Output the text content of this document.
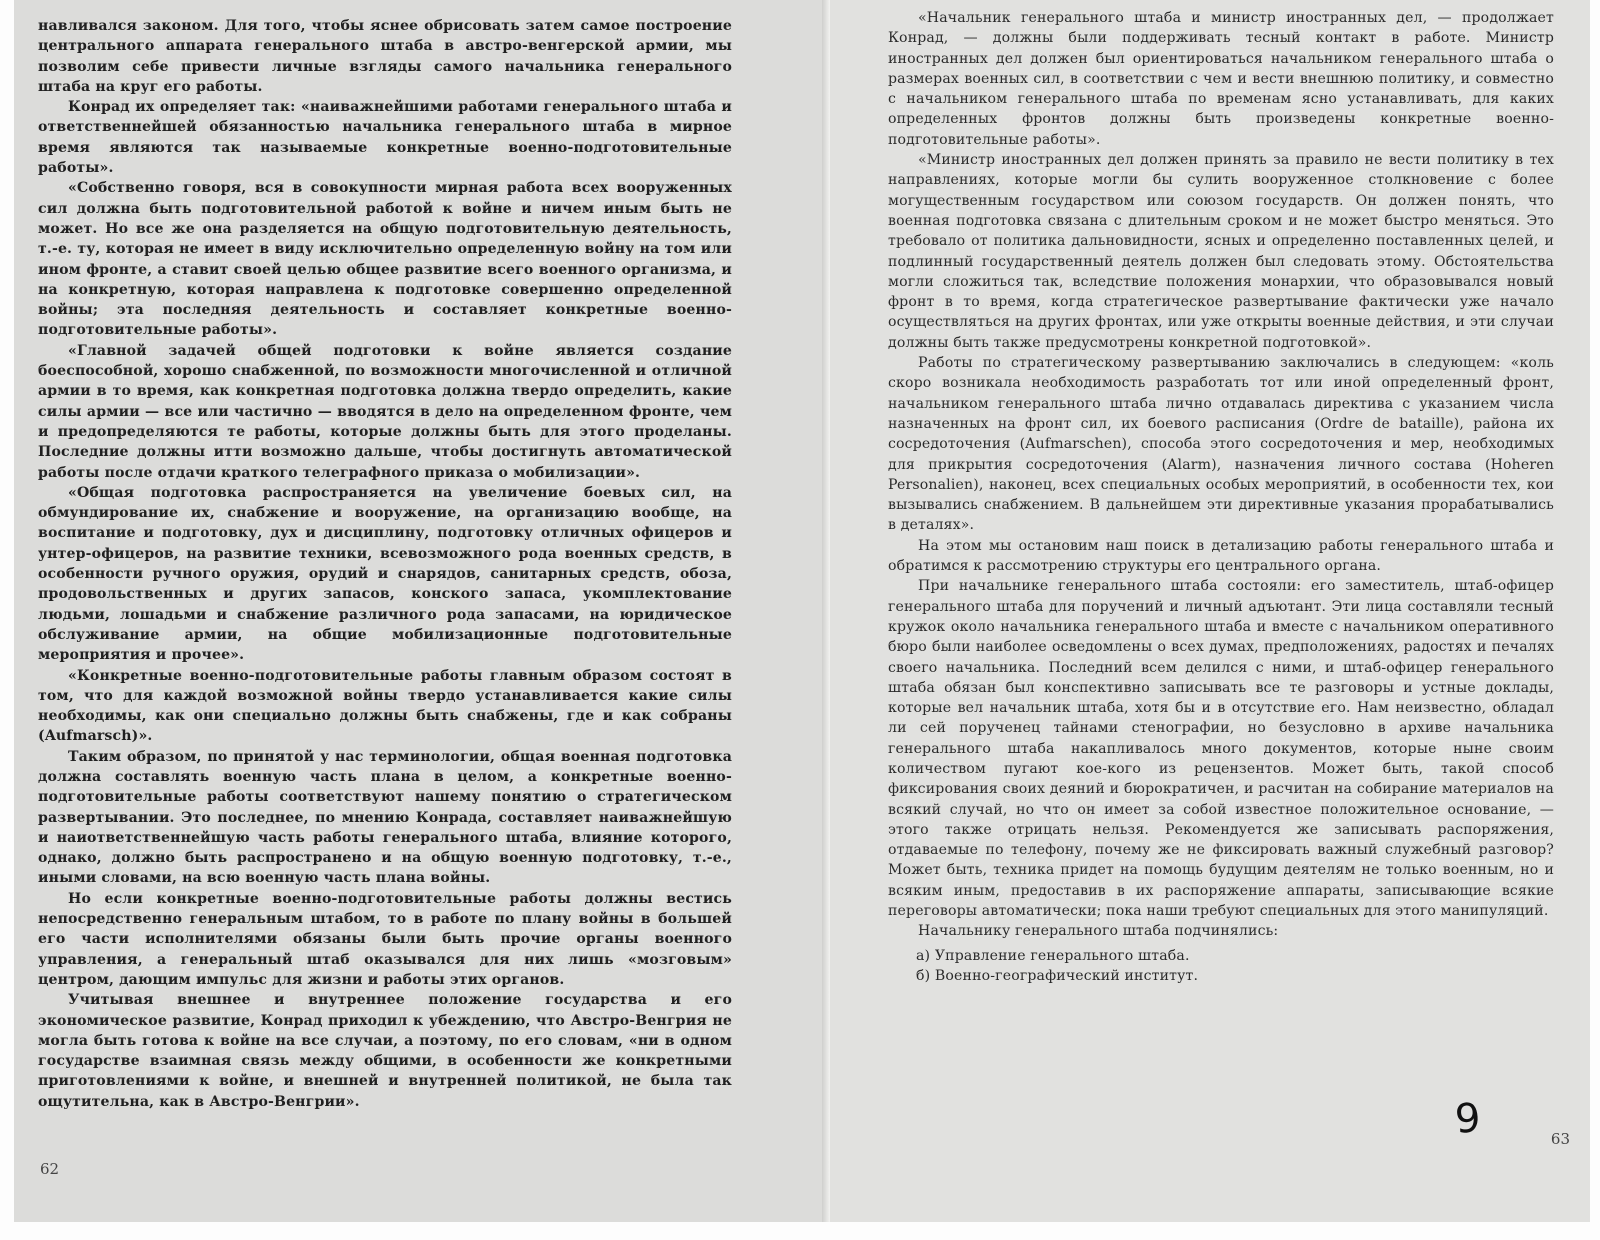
навливался законом. Для того, чтобы яснее обрисовать затем самое построение центрального аппарата генерального штаба в австро-венгерской армии, мы позволим себе привести личные взгляды самого начальника генерального штаба на круг его работы.

Конрад их определяет так: «наиважнейшими работами генерального штаба и ответственнейшей обязанностью начальника генерального штаба в мирное время являются так называемые конкретные военно-подготовительные работы».

«Собственно говоря, вся в совокупности мирная работа всех вооруженных сил должна быть подготовительной работой к войне и ничем иным быть не может. Но все же она разделяется на общую подготовительную деятельность, т.-е. ту, которая не имеет в виду исключительно определенную войну на том или ином фронте, а ставит своей целью общее развитие всего военного организма, и на конкретную, которая направлена к подготовке совершенно определенной войны; эта последняя деятельность и составляет конкретные военно-подготовительные работы».

«Главной задачей общей подготовки к войне является создание боеспособной, хорошо снабженной, по возможности многочисленной и отличной армии в то время, как конкретная подготовка должна твердо определить, какие силы армии — все или частично — вводятся в дело на определенном фронте, чем и предопределяются те работы, которые должны быть для этого проделаны. Последние должны итти возможно дальше, чтобы достигнуть автоматической работы после отдачи краткого телеграфного приказа о мобилизации».

«Общая подготовка распространяется на увеличение боевых сил, на обмундирование их, снабжение и вооружение, на организацию вообще, на воспитание и подготовку, дух и дисциплину, подготовку отличных офицеров и унтер-офицеров, на развитие техники, всевозможного рода военных средств, в особенности ручного оружия, орудий и снарядов, санитарных средств, обоза, продовольственных и других запасов, конского запаса, укомплектование людьми, лошадьми и снабжение различного рода запасами, на юридическое обслуживание армии, на общие мобилизационные подготовительные мероприятия и прочее».

«Конкретные военно-подготовительные работы главным образом состоят в том, что для каждой возможной войны твердо устанавливается какие силы необходимы, как они специально должны быть снабжены, где и как собраны (Aufmarsch)».

Таким образом, по принятой у нас терминологии, общая военная подготовка должна составлять военную часть плана в целом, а конкретные военно-подготовительные работы соответствуют нашему понятию о стратегическом развертывании. Это последнее, по мнению Конрада, составляет наиважнейшую и наиответственнейшую часть работы генерального штаба, влияние которого, однако, должно быть распространено и на общую военную подготовку, т.-е., иными словами, на всю военную часть плана войны.

Но если конкретные военно-подготовительные работы должны вестись непосредственно генеральным штабом, то в работе по плану войны в большей его части исполнителями обязаны были быть прочие органы военного управления, а генеральный штаб оказывался для них лишь «мозговым» центром, дающим импульс для жизни и работы этих органов.

Учитывая внешнее и внутреннее положение государства и его экономическое развитие, Конрад приходил к убеждению, что Австро-Венгрия не могла быть готова к войне на все случаи, а поэтому, по его словам, «ни в одном государстве взаимная связь между общими, в особенности же конкретными приготовлениями к войне, и внешней и внутренней политикой, не была так ощутительна, как в Австро-Венгрии».

62

«Начальник генерального штаба и министр иностранных дел, — продолжает Конрад, — должны были поддерживать тесный контакт в работе. Министр иностранных дел должен был ориентироваться начальником генерального штаба о размерах военных сил, в соответствии с чем и вести внешнюю политику, и совместно с начальником генерального штаба по временам ясно устанавливать, для каких определенных фронтов должны быть произведены конкретные военно-подготовительные работы».

«Министр иностранных дел должен принять за правило не вести политику в тех направлениях, которые могли бы сулить вооруженное столкновение с более могущественным государством или союзом государств. Он должен понять, что военная подготовка связана с длительным сроком и не может быстро меняться. Это требовало от политика дальновидности, ясных и определенно поставленных целей, и подлинный государственный деятель должен был следовать этому. Обстоятельства могли сложиться так, вследствие положения монархии, что образовывался новый фронт в то время, когда стратегическое развертывание фактически уже начало осуществляться на других фронтах, или уже открыты военные действия, и эти случаи должны быть также предусмотрены конкретной подготовкой».

Работы по стратегическому развертыванию заключались в следующем: «коль скоро возникала необходимость разработать тот или иной определенный фронт, начальником генерального штаба лично отдавалась директива с указанием числа назначенных на фронт сил, их боевого расписания (Ordre de bataille), района их сосредоточения (Aufmarschen), способа этого сосредоточения и мер, необходимых для прикрытия сосредоточения (Alarm), назначения личного состава (Hoheren Personalien), наконец, всех специальных особых мероприятий, в особенности тех, кои вызывались снабжением. В дальнейшем эти директивные указания прорабатывались в деталях».

На этом мы остановим наш поиск в детализацию работы генерального штаба и обратимся к рассмотрению структуры его центрального органа.

При начальнике генерального штаба состояли: его заместитель, штаб-офицер генерального штаба для поручений и личный адъютант. Эти лица составляли тесный кружок около начальника генерального штаба и вместе с начальником оперативного бюро были наиболее осведомлены о всех думах, предположениях, радостях и печалях своего начальника. Последний всем делился с ними, и штаб-офицер генерального штаба обязан был конспективно записывать все те разговоры и устные доклады, которые вел начальник штаба, хотя бы и в отсутствие его. Нам неизвестно, обладал ли сей порученец тайнами стенографии, но безусловно в архиве начальника генерального штаба накапливалось много документов, которые ныне своим количеством пугают кое-кого из рецензентов. Может быть, такой способ фиксирования своих деяний и бюрократичен, и расчитан на собирание материалов на всякий случай, но что он имеет за собой известное положительное основание, — этого также отрицать нельзя. Рекомендуется же записывать распоряжения, отдаваемые по телефону, почему же не фиксировать важный служебный разговор? Может быть, техника придет на помощь будущим деятелям не только военным, но и всяким иным, предоставив в их распоряжение аппараты, записывающие всякие переговоры автоматически; пока наши требуют специальных для этого манипуляций.

Начальнику генерального штаба подчинялись:

а) Управление генерального штаба.

б) Военно-географический институт.

63
9
